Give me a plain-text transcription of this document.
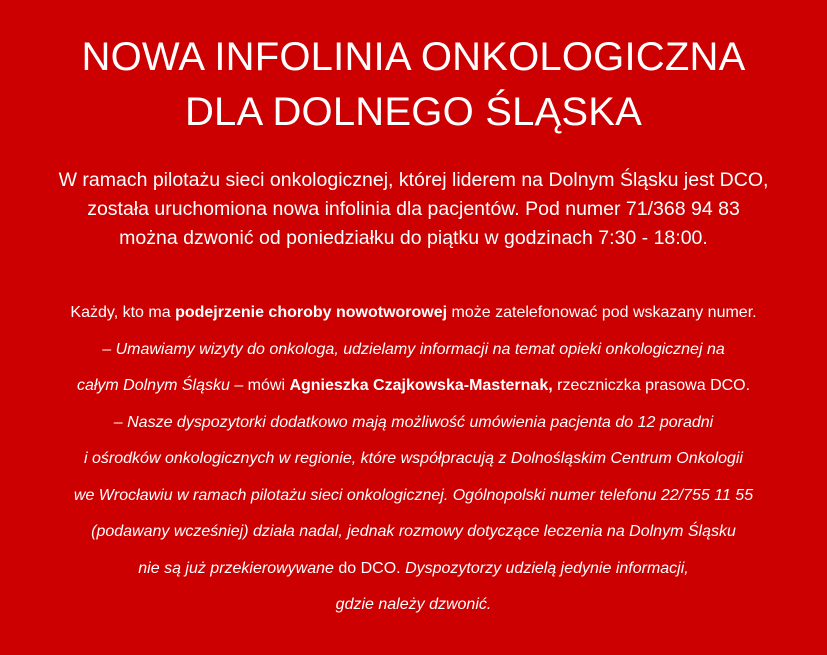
NOWA INFOLINIA ONKOLOGICZNA
DLA DOLNEGO ŚLĄSKA

W ramach pilotażu sieci onkologicznej, której liderem na Dolnym Śląsku jest DCO,
została uruchomiona nowa infolinia dla pacjentów. Pod numer 71/368 94 83
można dzwonić od poniedziałku do piątku w godzinach 7:30 - 18:00.

Każdy, kto ma podejrzenie choroby nowotworowej może zatelefonować pod wskazany numer.
– Umawiamy wizyty do onkologa, udzielamy informacji na temat opieki onkologicznej na
całym Dolnym Śląsku – mówi Agnieszka Czajkowska-Masternak, rzeczniczka prasowa DCO.
– Nasze dyspozytorki dodatkowo mają możliwość umówienia pacjenta do 12 poradni
i ośrodków onkologicznych w regionie, które współpracują z Dolnośląskim Centrum Onkologii
we Wrocławiu w ramach pilotażu sieci onkologicznej. Ogólnopolski numer telefonu 22/755 11 55
(podawany wcześniej) działa nadal, jednak rozmowy dotyczące leczenia na Dolnym Śląsku
nie są już przekierowywane do DCO. Dyspozytorzy udzielą jedynie informacji,
gdzie należy dzwonić.
